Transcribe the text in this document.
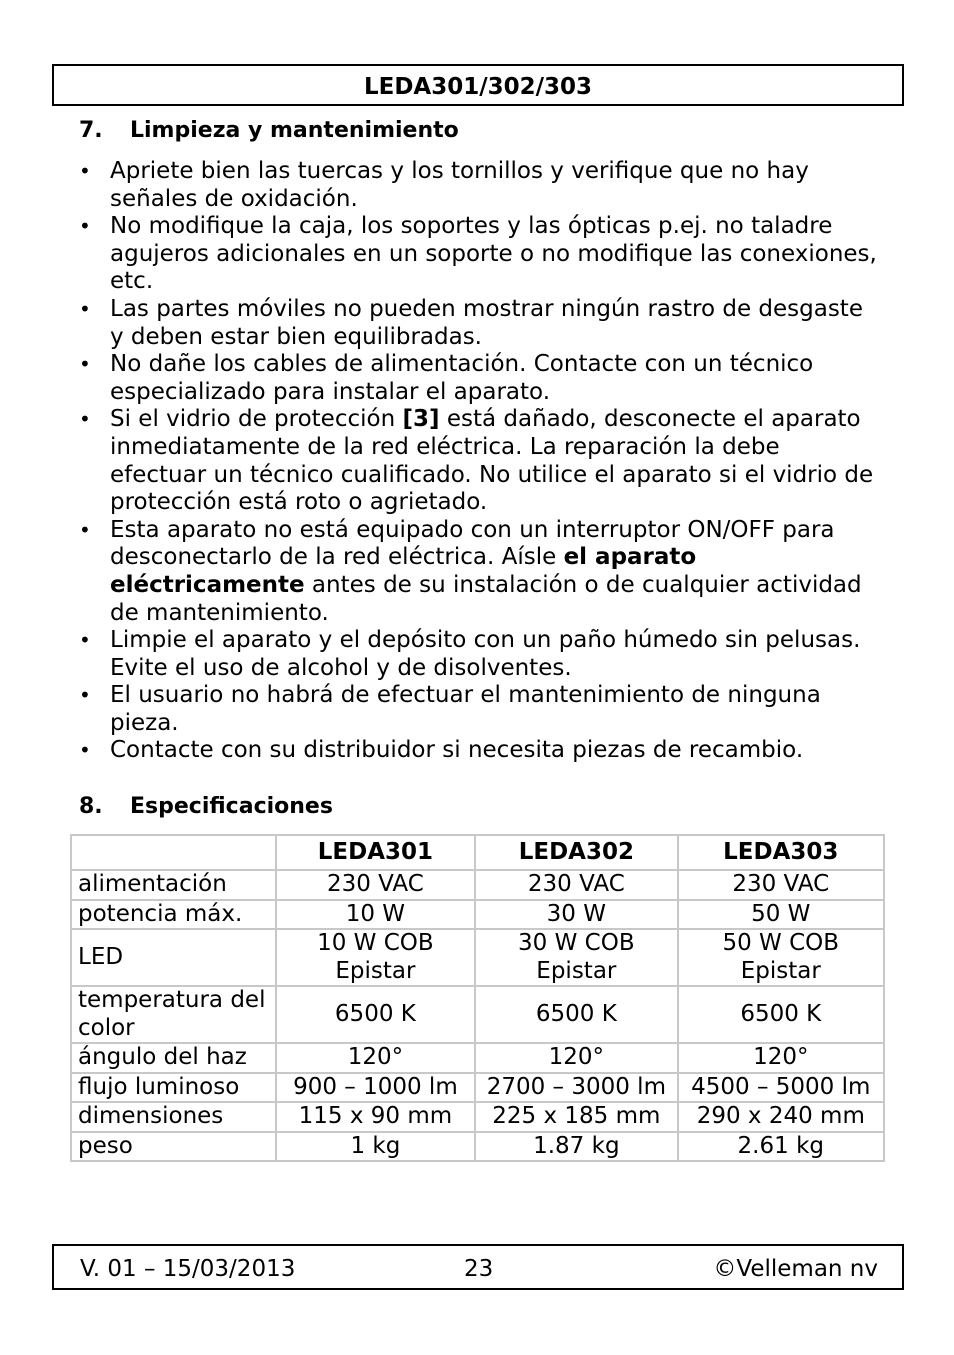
LEDA301/302/303
7. Limpieza y mantenimiento
• Apriete bien las tuercas y los tornillos y verifique que no hay señales de oxidación.
• No modifique la caja, los soportes y las ópticas p.ej. no taladre agujeros adicionales en un soporte o no modifique las conexiones, etc.
• Las partes móviles no pueden mostrar ningún rastro de desgaste y deben estar bien equilibradas.
• No dañe los cables de alimentación. Contacte con un técnico especializado para instalar el aparato.
• Si el vidrio de protección [3] está dañado, desconecte el aparato inmediatamente de la red eléctrica. La reparación la debe efectuar un técnico cualificado. No utilice el aparato si el vidrio de protección está roto o agrietado.
• Esta aparato no está equipado con un interruptor ON/OFF para desconectarlo de la red eléctrica. Aísle el aparato eléctricamente antes de su instalación o de cualquier actividad de mantenimiento.
• Limpie el aparato y el depósito con un paño húmedo sin pelusas. Evite el uso de alcohol y de disolventes.
• El usuario no habrá de efectuar el mantenimiento de ninguna pieza.
• Contacte con su distribuidor si necesita piezas de recambio.
8. Especificaciones
	LEDA301	LEDA302	LEDA303
alimentación	230 VAC	230 VAC	230 VAC
potencia máx.	10 W	30 W	50 W
LED	10 W COB Epistar	30 W COB Epistar	50 W COB Epistar
temperatura del color	6500 K	6500 K	6500 K
ángulo del haz	120°	120°	120°
flujo luminoso	900 – 1000 lm	2700 – 3000 lm	4500 – 5000 lm
dimensiones	115 x 90 mm	225 x 185 mm	290 x 240 mm
peso	1 kg	1.87 kg	2.61 kg
V. 01 – 15/03/2013	23	©Velleman nv
